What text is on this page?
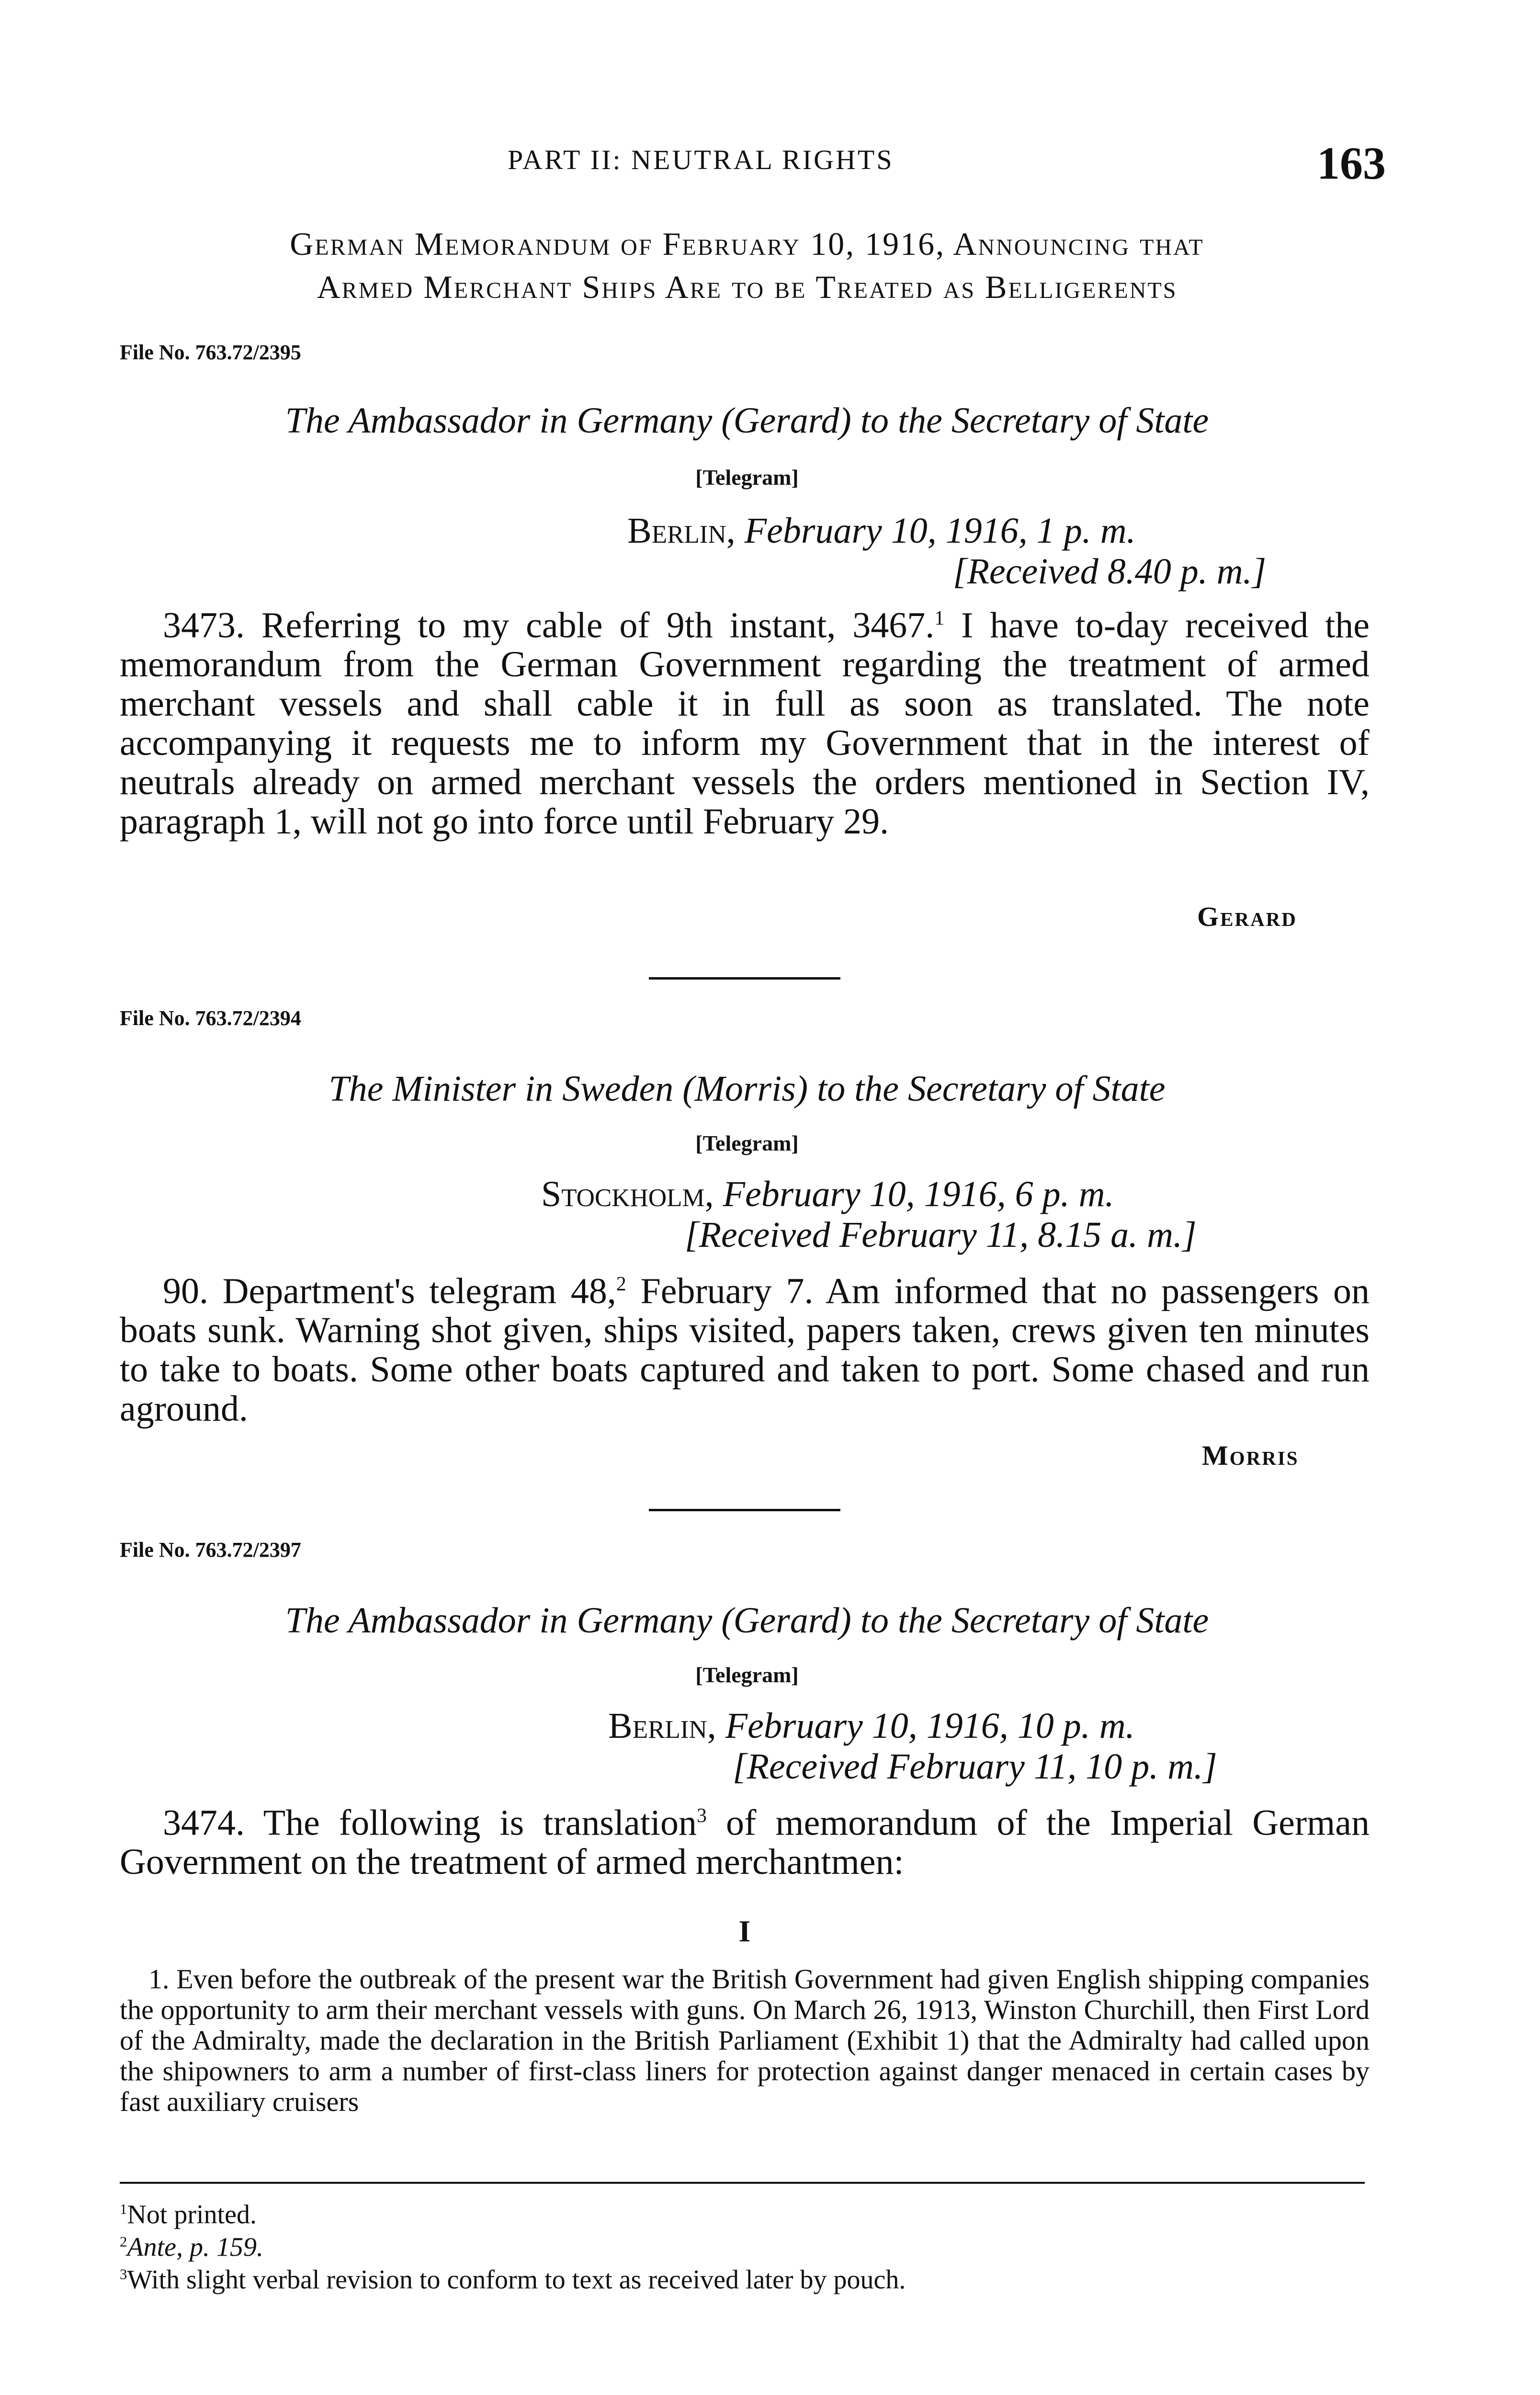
PART II: NEUTRAL RIGHTS	163
German Memorandum of February 10, 1916, Announcing that
Armed Merchant Ships Are to be Treated as Belligerents
File No. 763.72/2395
The Ambassador in Germany (Gerard) to the Secretary of State
[Telegram]
Berlin, February 10, 1916, 1 p. m.
[Received 8.40 p. m.]
3473. Referring to my cable of 9th instant, 3467.$^1$ I have to-day received the memorandum from the German Government regarding the treatment of armed merchant vessels and shall cable it in full as soon as translated. The note accompanying it requests me to inform my Government that in the interest of neutrals already on armed merchant vessels the orders mentioned in Section IV, paragraph 1, will not go into force until February 29.
Gerard
File No. 763.72/2394
The Minister in Sweden (Morris) to the Secretary of State
[Telegram]
Stockholm, February 10, 1916, 6 p. m.
[Received February 11, 8.15 a. m.]
90. Department's telegram 48,$^2$ February 7. Am informed that no passengers on boats sunk. Warning shot given, ships visited, papers taken, crews given ten minutes to take to boats. Some other boats captured and taken to port. Some chased and run aground.
Morris
File No. 763.72/2397
The Ambassador in Germany (Gerard) to the Secretary of State
[Telegram]
Berlin, February 10, 1916, 10 p. m.
[Received February 11, 10 p. m.]
3474. The following is translation$^3$ of memorandum of the Imperial German Government on the treatment of armed merchantmen:
I
1. Even before the outbreak of the present war the British Government had given English shipping companies the opportunity to arm their merchant vessels with guns. On March 26, 1913, Winston Churchill, then First Lord of the Admiralty, made the declaration in the British Parliament (Exhibit 1) that the Admiralty had called upon the shipowners to arm a number of first-class liners for protection against danger menaced in certain cases by fast auxiliary cruisers
$^1$Not printed.
$^2$Ante, p. 159.
$^3$With slight verbal revision to conform to text as received later by pouch.
